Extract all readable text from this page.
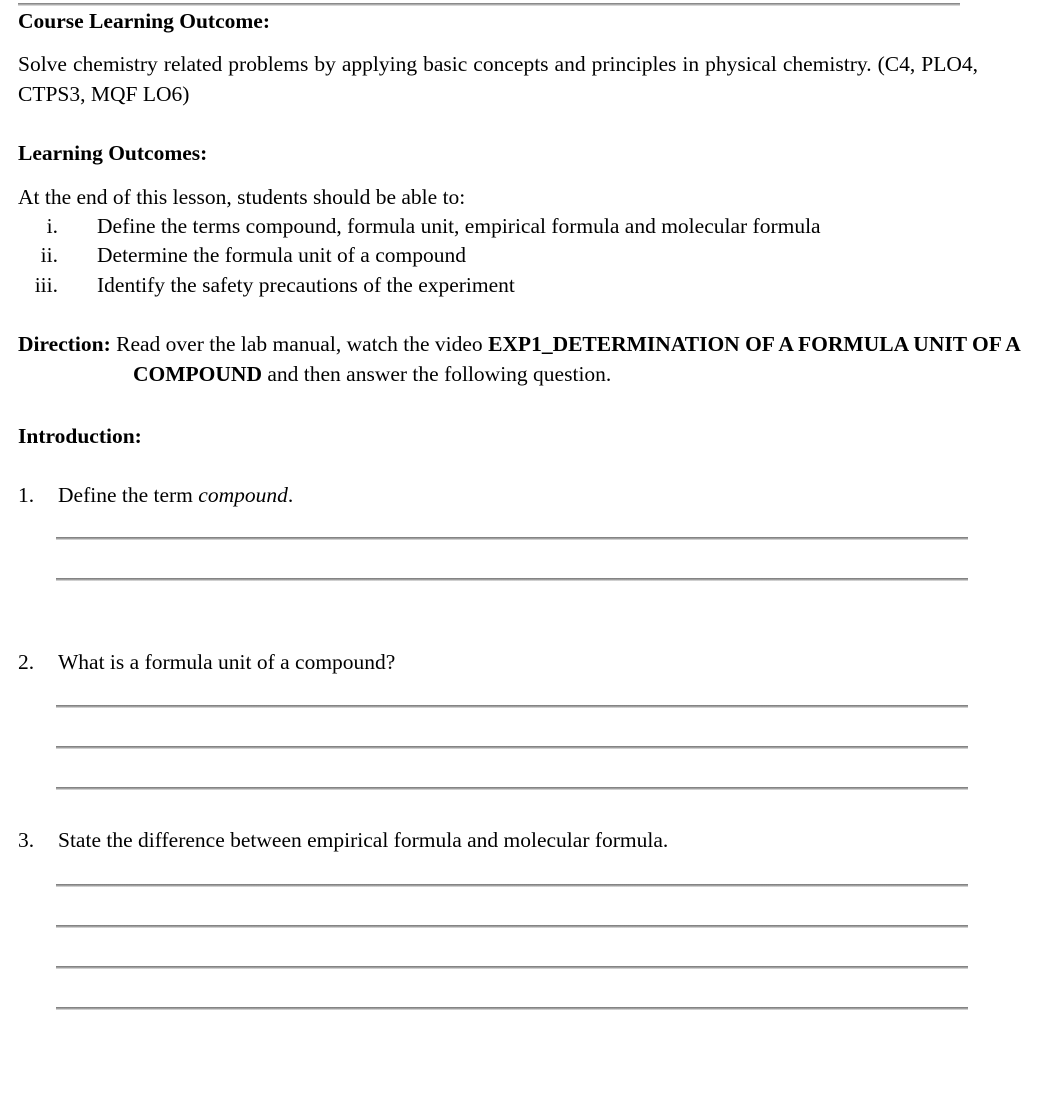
Course Learning Outcome:
Solve chemistry related problems by applying basic concepts and principles in physical chemistry. (C4, PLO4, CTPS3, MQF LO6)
Learning Outcomes:
At the end of this lesson, students should be able to:
i. Define the terms compound, formula unit, empirical formula and molecular formula
ii. Determine the formula unit of a compound
iii. Identify the safety precautions of the experiment
Direction: Read over the lab manual, watch the video EXP1_DETERMINATION OF A FORMULA UNIT OF A COMPOUND and then answer the following question.
Introduction:
1.	Define the term compound.
2.	What is a formula unit of a compound?
3.	State the difference between empirical formula and molecular formula.
